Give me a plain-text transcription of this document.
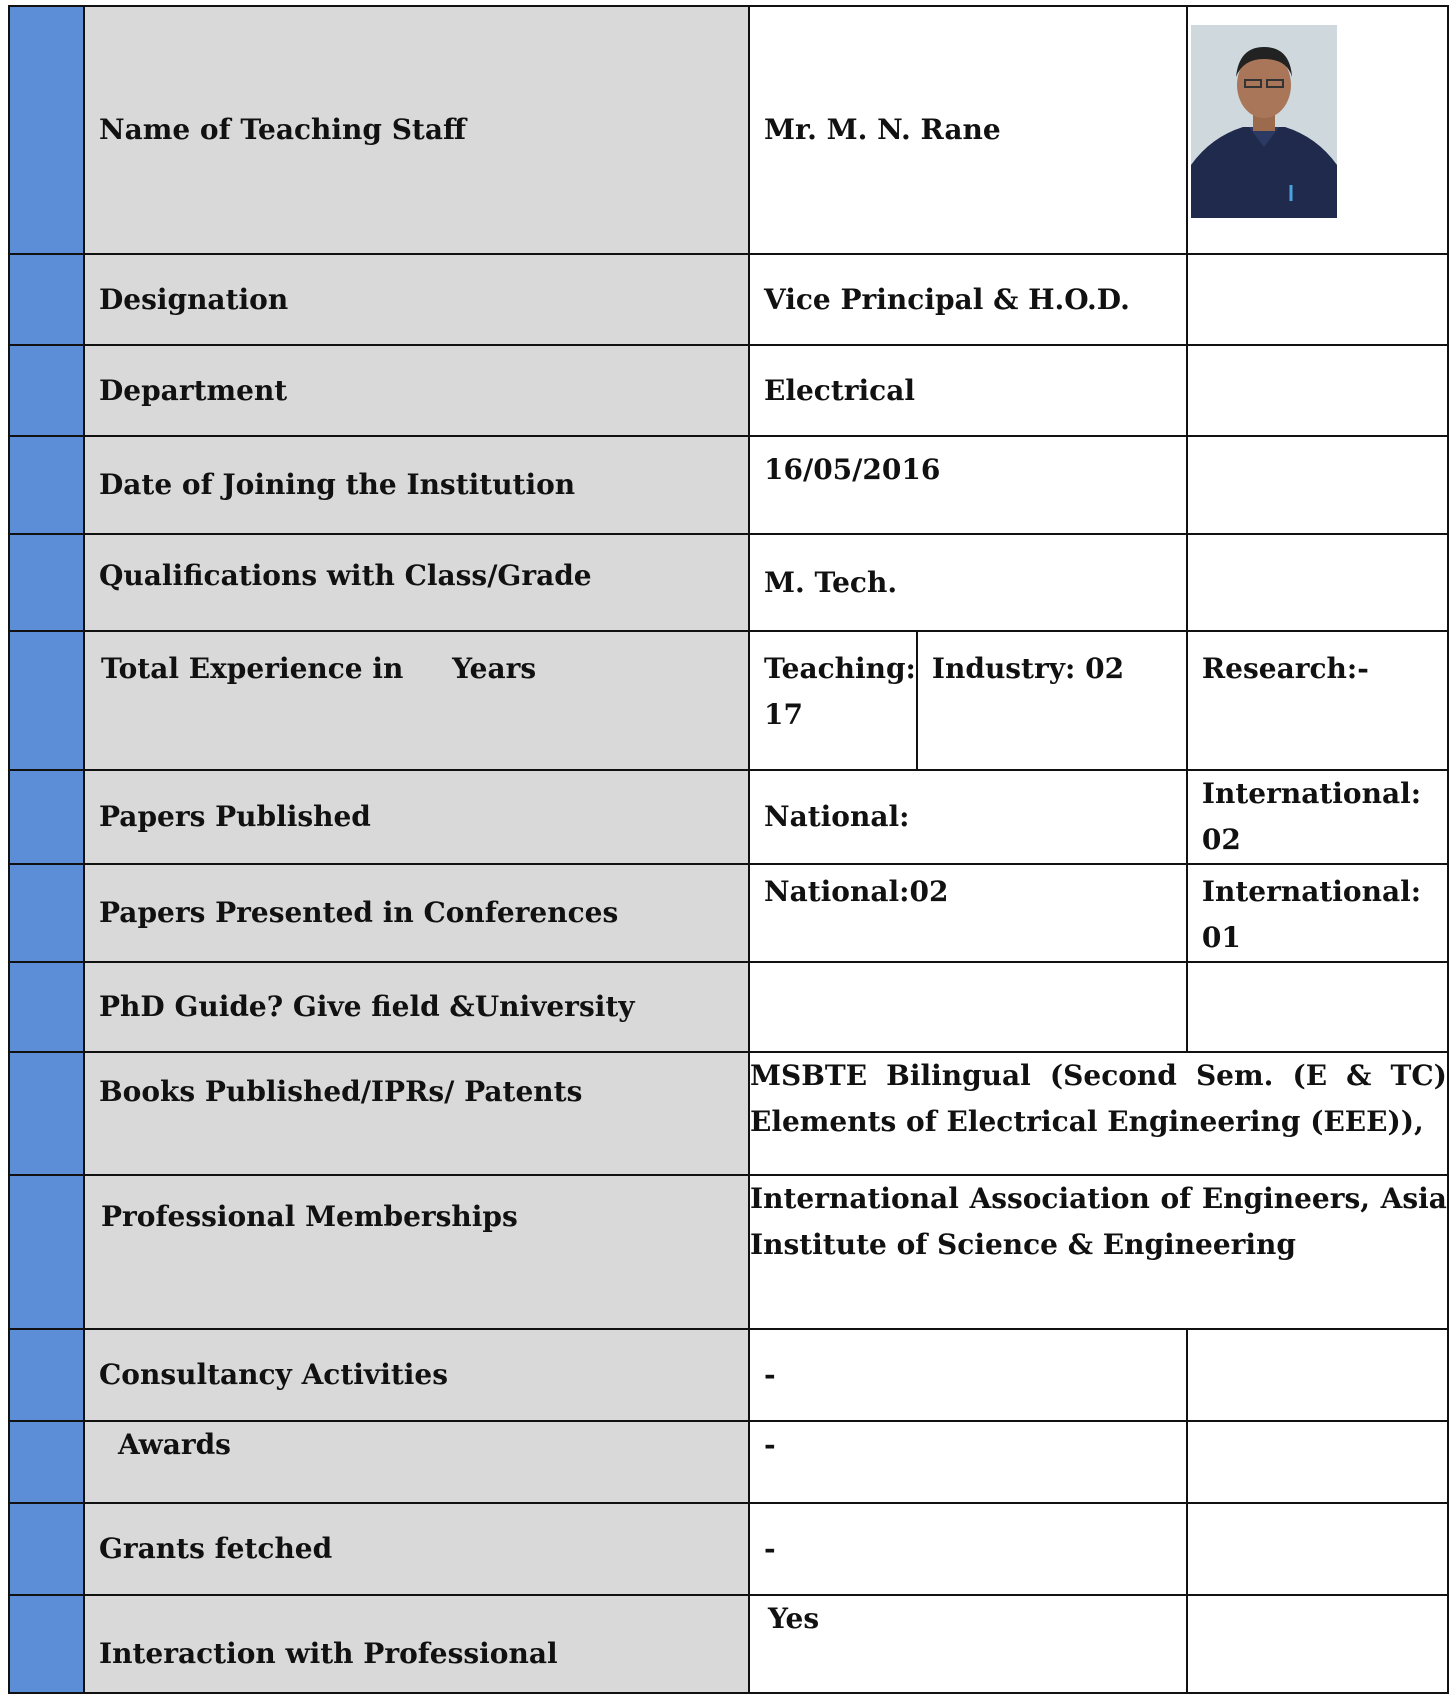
	Name of Teaching Staff	Mr. M. N. Rane	

	Designation	Vice Principal & H.O.D.		
	Department	Electrical		
	Date of Joining the Institution	16/05/2016		
	Qualifications with Class/Grade	M. Tech.		
	Total Experience in     Years	Teaching: 17	Industry: 02	Research:-
	Papers Published	National:		International: 02
	Papers Presented in Conferences	National:02		International: 01
	PhD Guide? Give field &University			
	Books Published/IPRs/ Patents	MSBTE Bilingual (Second Sem. (E & TC) Elements of Electrical Engineering (EEE)),		
	Professional Memberships	International Association of Engineers, Asia Institute of Science & Engineering		
	Consultancy Activities	-		
	Awards	-		
	Grants fetched	-		
	Interaction with Professional	Yes		
